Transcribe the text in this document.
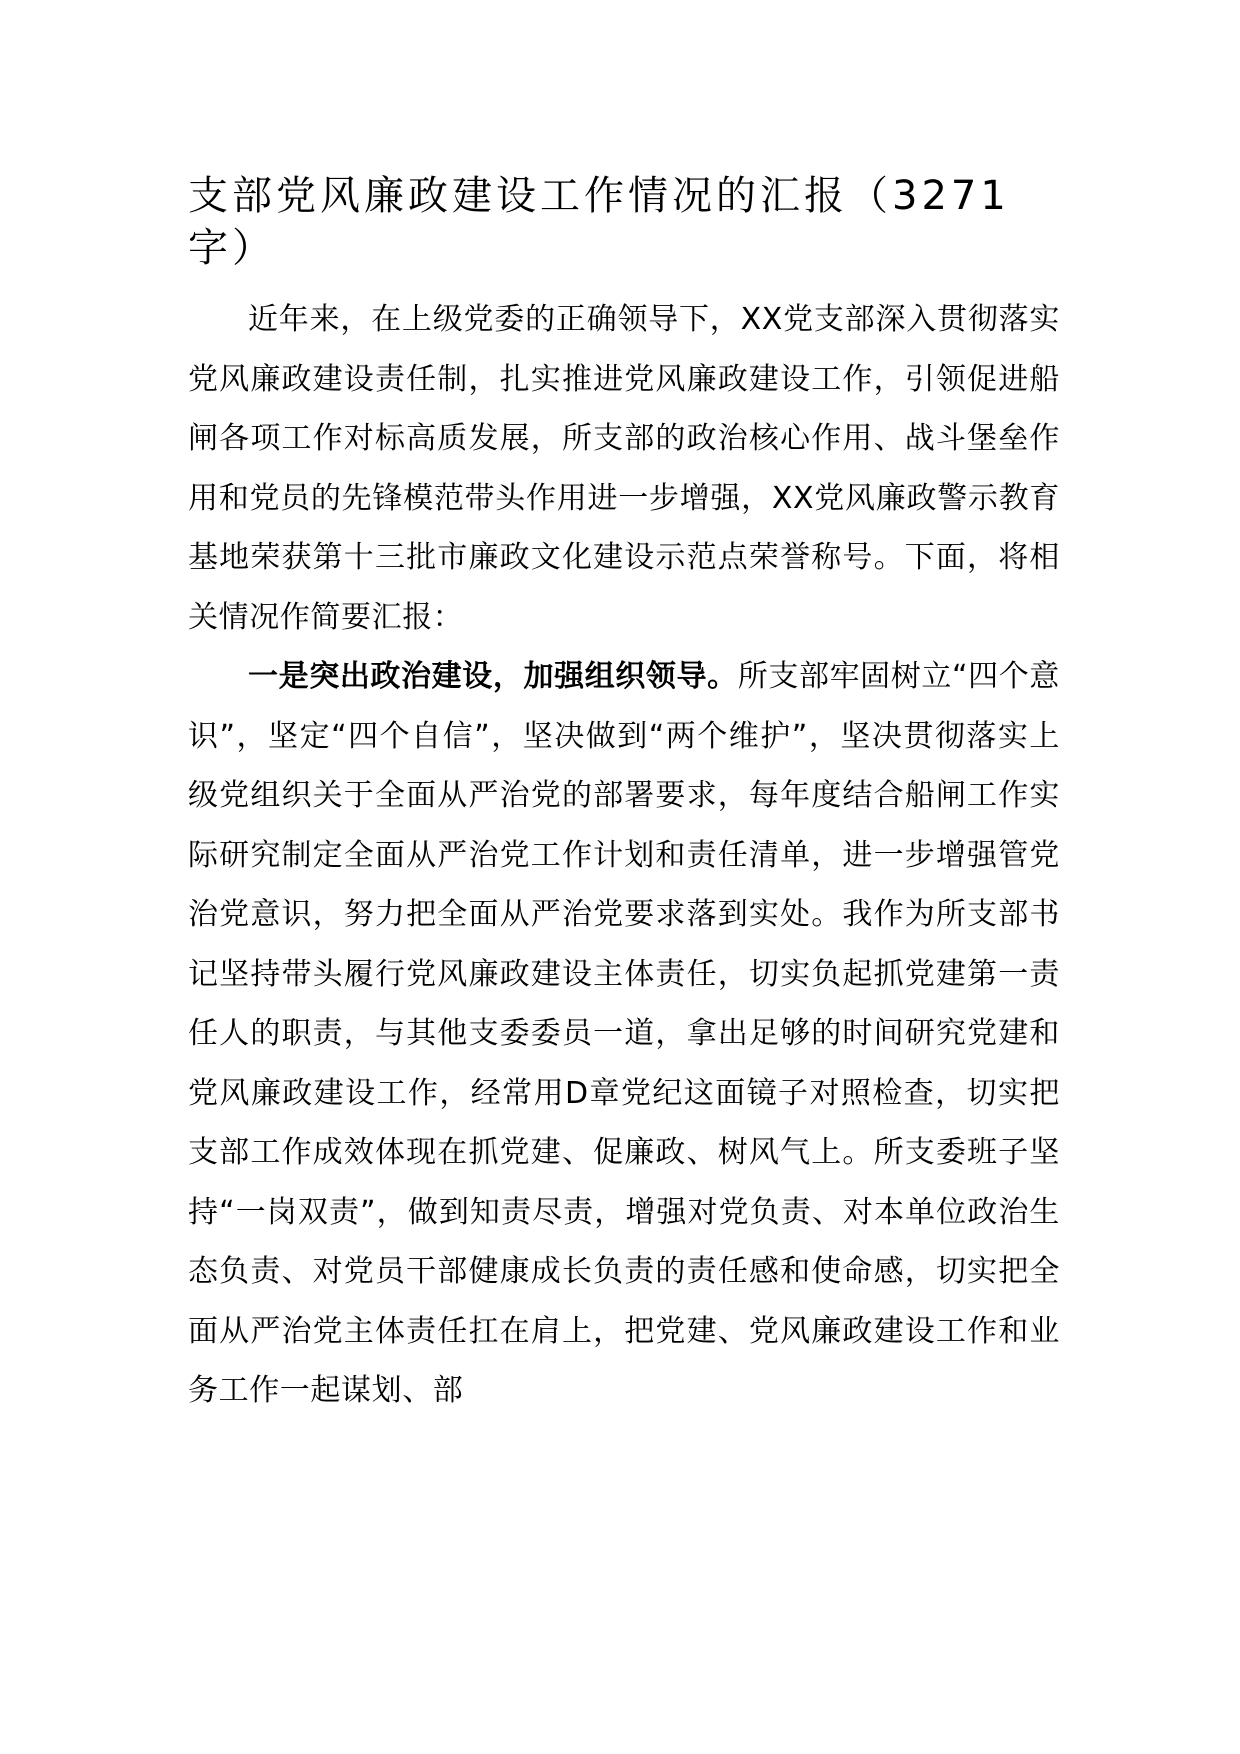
支部党风廉政建设工作情况的汇报（3271字）

近年来，在上级党委的正确领导下，XX党支部深入贯彻落实党风廉政建设责任制，扎实推进党风廉政建设工作，引领促进船闸各项工作对标高质发展，所支部的政治核心作用、战斗堡垒作用和党员的先锋模范带头作用进一步增强，XX党风廉政警示教育基地荣获第十三批市廉政文化建设示范点荣誉称号。下面，将相关情况作简要汇报：

一是突出政治建设，加强组织领导。所支部牢固树立“四个意识”，坚定“四个自信”，坚决做到“两个维护”，坚决贯彻落实上级党组织关于全面从严治党的部署要求，每年度结合船闸工作实际研究制定全面从严治党工作计划和责任清单，进一步增强管党治党意识，努力把全面从严治党要求落到实处。我作为所支部书记坚持带头履行党风廉政建设主体责任，切实负起抓党建第一责任人的职责，与其他支委委员一道，拿出足够的时间研究党建和党风廉政建设工作，经常用D章党纪这面镜子对照检查，切实把支部工作成效体现在抓党建、促廉政、树风气上。所支委班子坚持“一岗双责”，做到知责尽责，增强对党负责、对本单位政治生态负责、对党员干部健康成长负责的责任感和使命感，切实把全面从严治党主体责任扛在肩上，把党建、党风廉政建设工作和业务工作一起谋划、部
